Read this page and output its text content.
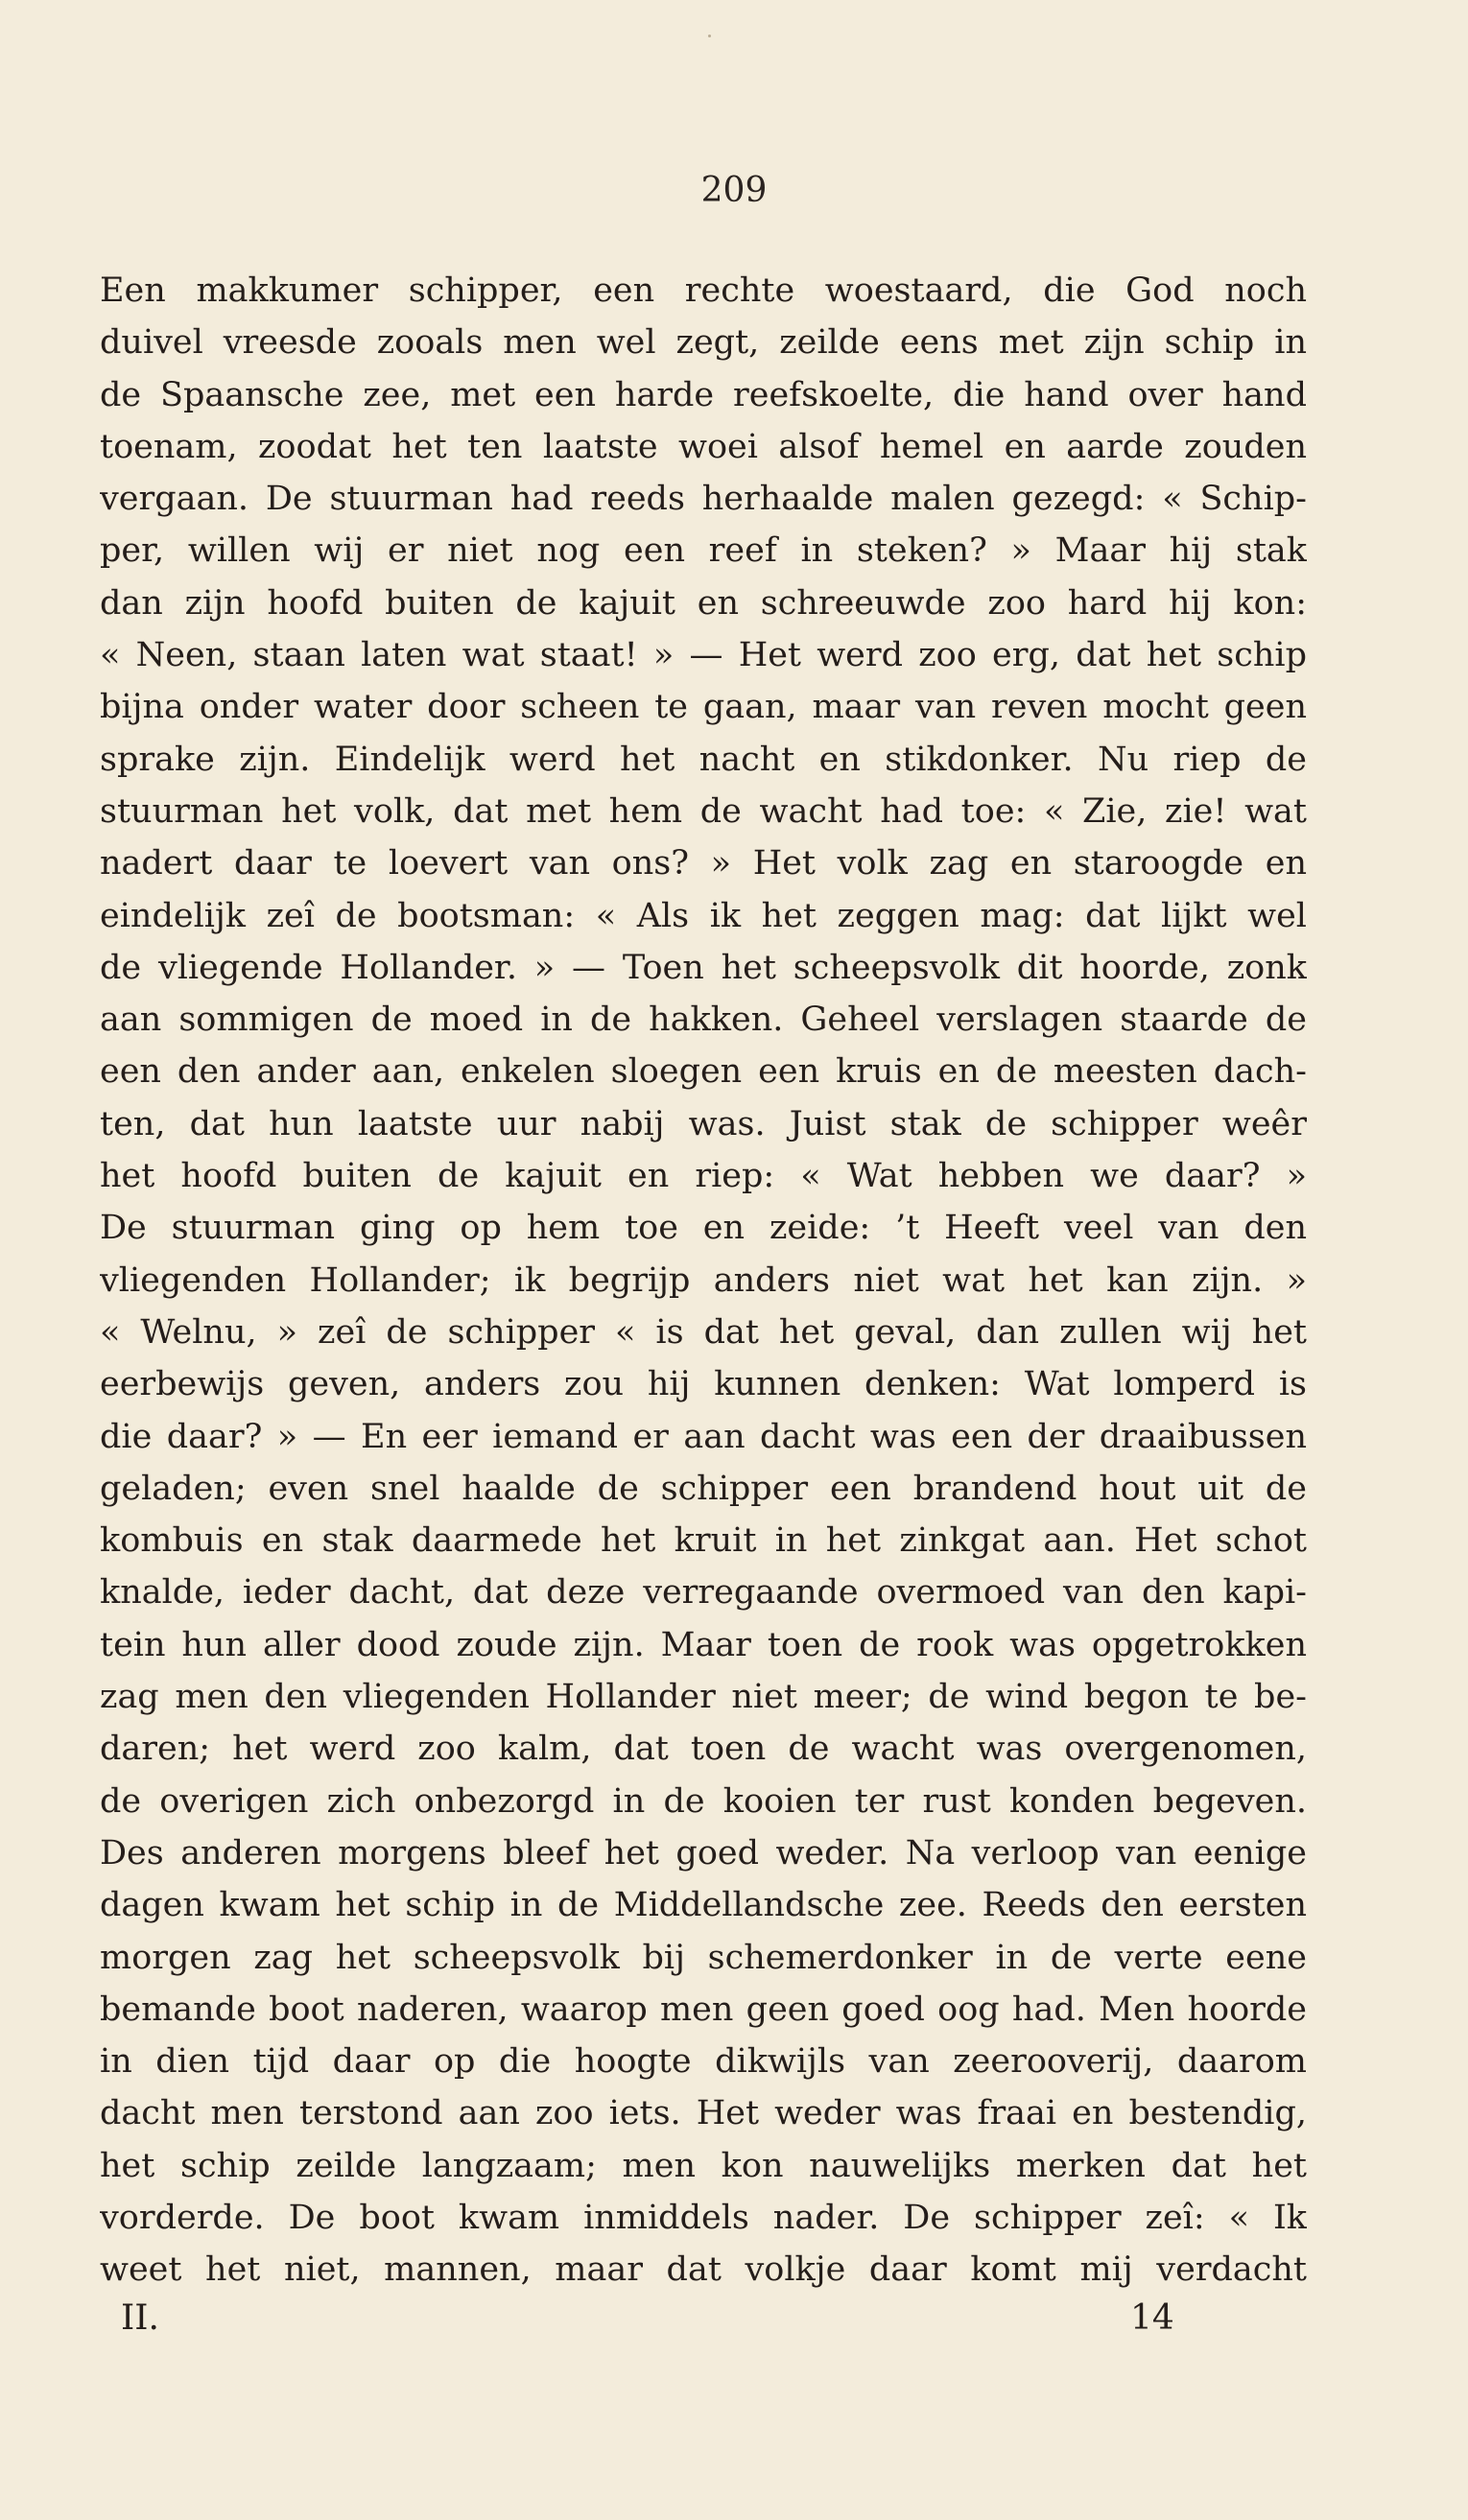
209
Een makkumer schipper, een rechte woestaard, die God noch
duivel vreesde zooals men wel zegt, zeilde eens met zijn schip in
de Spaansche zee, met een harde reefskoelte, die hand over hand
toenam, zoodat het ten laatste woei alsof hemel en aarde zouden
vergaan. De stuurman had reeds herhaalde malen gezegd: « Schip-
per, willen wij er niet nog een reef in steken? » Maar hij stak
dan zijn hoofd buiten de kajuit en schreeuwde zoo hard hij kon:
« Neen, staan laten wat staat! » — Het werd zoo erg, dat het schip
bijna onder water door scheen te gaan, maar van reven mocht geen
sprake zijn. Eindelijk werd het nacht en stikdonker. Nu riep de
stuurman het volk, dat met hem de wacht had toe: « Zie, zie! wat
nadert daar te loevert van ons? » Het volk zag en staroogde en
eindelijk zeî de bootsman: « Als ik het zeggen mag: dat lijkt wel
de vliegende Hollander. » — Toen het scheepsvolk dit hoorde, zonk
aan sommigen de moed in de hakken. Geheel verslagen staarde de
een den ander aan, enkelen sloegen een kruis en de meesten dach-
ten, dat hun laatste uur nabij was. Juist stak de schipper weêr
het hoofd buiten de kajuit en riep: « Wat hebben we daar? »
De stuurman ging op hem toe en zeide: ’t Heeft veel van den
vliegenden Hollander; ik begrijp anders niet wat het kan zijn. »
« Welnu, » zeî de schipper « is dat het geval, dan zullen wij het
eerbewijs geven, anders zou hij kunnen denken: Wat lomperd is
die daar? » — En eer iemand er aan dacht was een der draaibussen
geladen; even snel haalde de schipper een brandend hout uit de
kombuis en stak daarmede het kruit in het zinkgat aan. Het schot
knalde, ieder dacht, dat deze verregaande overmoed van den kapi-
tein hun aller dood zoude zijn. Maar toen de rook was opgetrokken
zag men den vliegenden Hollander niet meer; de wind begon te be-
daren; het werd zoo kalm, dat toen de wacht was overgenomen,
de overigen zich onbezorgd in de kooien ter rust konden begeven.
Des anderen morgens bleef het goed weder. Na verloop van eenige
dagen kwam het schip in de Middellandsche zee. Reeds den eersten
morgen zag het scheepsvolk bij schemerdonker in de verte eene
bemande boot naderen, waarop men geen goed oog had. Men hoorde
in dien tijd daar op die hoogte dikwijls van zeerooverij, daarom
dacht men terstond aan zoo iets. Het weder was fraai en bestendig,
het schip zeilde langzaam; men kon nauwelijks merken dat het
vorderde. De boot kwam inmiddels nader. De schipper zeî: « Ik
weet het niet, mannen, maar dat volkje daar komt mij verdacht
II.	14
